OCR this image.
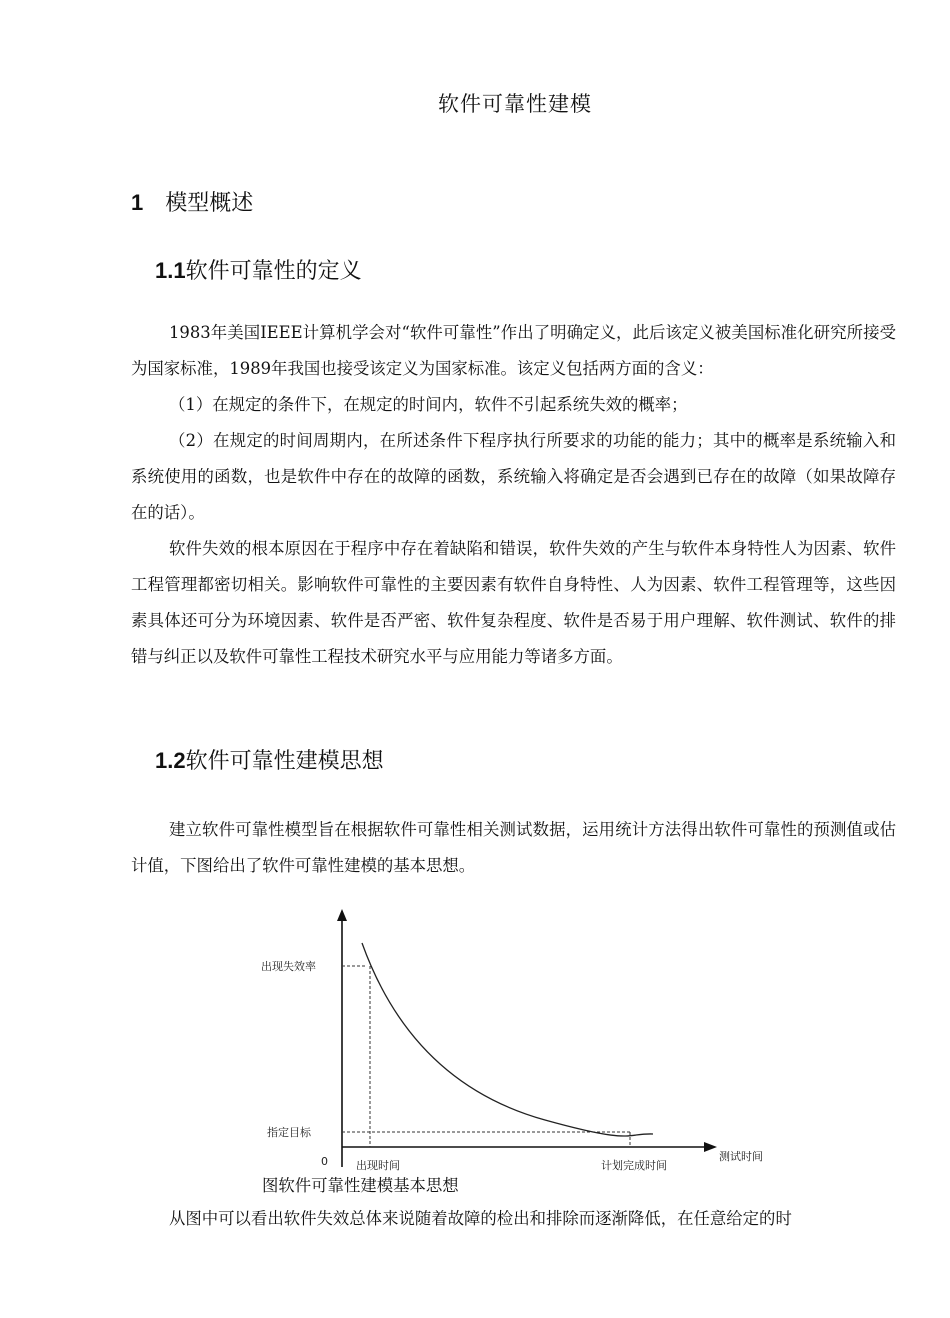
软件可靠性建模
1 模型概述
1.1软件可靠性的定义

1983年美国IEEE计算机学会对“软件可靠性”作出了明确定义，此后该定义被美国标准化研究所接受为国家标准，1989年我国也接受该定义为国家标准。该定义包括两方面的含义：

（1）在规定的条件下，在规定的时间内，软件不引起系统失效的概率；

（2）在规定的时间周期内，在所述条件下程序执行所要求的功能的能力；其中的概率是系统输入和系统使用的函数，也是软件中存在的故障的函数，系统输入将确定是否会遇到已存在的故障（如果故障存在的话）。

软件失效的根本原因在于程序中存在着缺陷和错误，软件失效的产生与软件本身特性人为因素、软件工程管理都密切相关。影响软件可靠性的主要因素有软件自身特性、人为因素、软件工程管理等，这些因素具体还可分为环境因素、软件是否严密、软件复杂程度、软件是否易于用户理解、软件测试、软件的排错与纠正以及软件可靠性工程技术研究水平与应用能力等诸多方面。

1.2软件可靠性建模思想

建立软件可靠性模型旨在根据软件可靠性相关测试数据，运用统计方法得出软件可靠性的预测值或估计值，下图给出了软件可靠性建模的基本思想。

出现失效率
指定目标
0	出现时间	计划完成时间
测试时间
图软件可靠性建模基本思想

从图中可以看出软件失效总体来说随着故障的检出和排除而逐渐降低，在任意给定的时
